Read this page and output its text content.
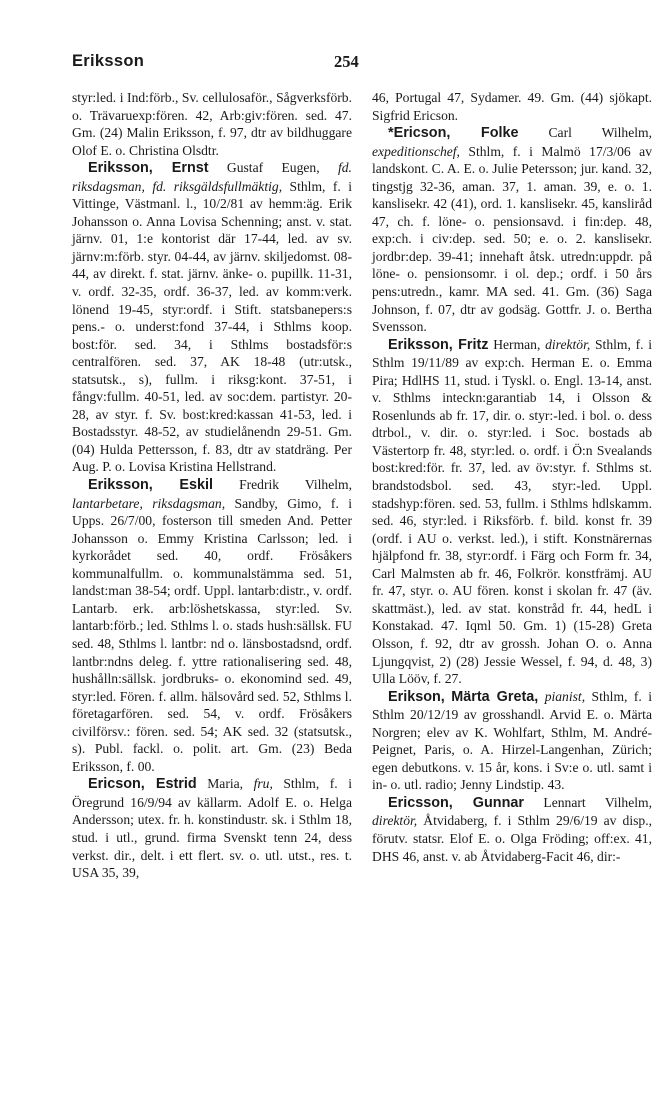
Eriksson	254

styr:led. i Ind:förb., Sv. cellulosaför., Sågverksförb. o. Trävaruexp:fören. 42, Arb:giv:fören. sed. 47. Gm. (24) Malin Eriksson, f. 97, dtr av bildhuggare Olof E. o. Christina Olsdtr.

Eriksson, Ernst Gustaf Eugen, fd. riksdagsman, fd. riksgäldsfullmäktig, Sthlm, f. i Vittinge, Västmanl. l., 10/2/81 av hemm:äg. Erik Johansson o. Anna Lovisa Schenning; anst. v. stat. järnv. 01, 1:e kontorist där 17-44, led. av sv. järnv:m:förb. styr. 04-44, av järnv. skiljedomst. 08-44, av direkt. f. stat. järnv. änke- o. pupillk. 11-31, v. ordf. 32-35, ordf. 36-37, led. av komm:verk. lönend 19-45, styr:ordf. i Stift. statsbanepers:s pens.- o. underst:fond 37-44, i Sthlms koop. bost:för. sed. 34, i Sthlms bostadsför:s centralfören. sed. 37, AK 18-48 (utr:utsk., statsutsk., s), fullm. i riksg:kont. 37-51, i fångv:fullm. 40-51, led. av soc:dem. partistyr. 20-28, av styr. f. Sv. bost:kred:kassan 41-53, led. i Bostadsstyr. 48-52, av studielånendn 29-51. Gm. (04) Hulda Pettersson, f. 83, dtr av statdräng. Per Aug. P. o. Lovisa Kristina Hellstrand.

Eriksson, Eskil Fredrik Vilhelm, lantarbetare, riksdagsman, Sandby, Gimo, f. i Upps. 26/7/00, fosterson till smeden And. Petter Johansson o. Emmy Kristina Carlsson; led. i kyrkorådet sed. 40, ordf. Frösåkers kommunalfullm. o. kommunalstämma sed. 51, landst:man 38-54; ordf. Uppl. lantarb:distr., v. ordf. Lantarb. erk. arb:löshetskassa, styr:led. Sv. lantarb:förb.; led. Sthlms l. o. stads hush:sällsk. FU sed. 48, Sthlms l. lantbr: nd o. länsbostadsnd, ordf. lantbr:ndns deleg. f. yttre rationalisering sed. 48, hushålln:sällsk. jordbruks- o. ekonomind sed. 49, styr:led. Fören. f. allm. hälsovård sed. 52, Sthlms l. företagarfören. sed. 54, v. ordf. Frösåkers civilförsv.: fören. sed. 54; AK sed. 32 (statsutsk., s). Publ. fackl. o. polit. art. Gm. (23) Beda Eriksson, f. 00.

Ericson, Estrid Maria, fru, Sthlm, f. i Öregrund 16/9/94 av källarm. Adolf E. o. Helga Andersson; utex. fr. h. konstindustr. sk. i Sthlm 18, stud. i utl., grund. firma Svenskt tenn 24, dess verkst. dir., delt. i ett flert. sv. o. utl. utst., res. t. USA 35, 39,

46, Portugal 47, Sydamer. 49. Gm. (44) sjökapt. Sigfrid Ericson.

*Ericson, Folke Carl Wilhelm, expeditionschef, Sthlm, f. i Malmö 17/3/06 av landskont. C. A. E. o. Julie Petersson; jur. kand. 32, tingstjg 32-36, aman. 37, 1. aman. 39, e. o. 1. kanslisekr. 42 (41), ord. 1. kanslisekr. 45, kansliråd 47, ch. f. löne- o. pensionsavd. i fin:dep. 48, exp:ch. i civ:dep. sed. 50; e. o. 2. kanslisekr. jordbr:dep. 39-41; innehaft åtsk. utredn:uppdr. på löne- o. pensionsomr. i ol. dep.; ordf. i 50 års pens:utredn., kamr. MA sed. 41. Gm. (36) Saga Johnson, f. 07, dtr av godsäg. Gottfr. J. o. Bertha Svensson.

Eriksson, Fritz Herman, direktör, Sthlm, f. i Sthlm 19/11/89 av exp:ch. Herman E. o. Emma Pira; HdlHS 11, stud. i Tyskl. o. Engl. 13-14, anst. v. Sthlms inteckn:garantiab 14, i Olsson & Rosenlunds ab fr. 17, dir. o. styr:-led. i bol. o. dess dtrbol., v. dir. o. styr:led. i Soc. bostads ab Västertorp fr. 48, styr:led. o. ordf. i Ö:n Svealands bost:kred:för. fr. 37, led. av öv:styr. f. Sthlms st. brandstodsbol. sed. 43, styr:-led. Uppl. stadshyp:fören. sed. 53, fullm. i Sthlms hdlskamm. sed. 46, styr:led. i Riksförb. f. bild. konst fr. 39 (ordf. i AU o. verkst. led.), i stift. Konstnärernas hjälpfond fr. 38, styr:ordf. i Färg och Form fr. 34, Carl Malmsten ab fr. 46, Folkrör. konstfrämj. AU fr. 47, styr. o. AU fören. konst i skolan fr. 47 (äv. skattmäst.), led. av stat. konstråd fr. 44, hedL i Konstakad. 47. Iqml 50. Gm. 1) (15-28) Greta Olsson, f. 92, dtr av grossh. Johan O. o. Anna Ljungqvist, 2) (28) Jessie Wessel, f. 94, d. 48, 3) Ulla Lööv, f. 27.

Erikson, Märta Greta, pianist, Sthlm, f. i Sthlm 20/12/19 av grosshandl. Arvid E. o. Märta Norgren; elev av K. Wohlfart, Sthlm, M. André-Peignet, Paris, o. A. Hirzel-Langenhan, Zürich; egen debutkons. v. 15 år, kons. i Sv:e o. utl. samt i in- o. utl. radio; Jenny Lindstip. 43.

Ericsson, Gunnar Lennart Vilhelm, direktör, Åtvidaberg, f. i Sthlm 29/6/19 av disp., förutv. statsr. Elof E. o. Olga Fröding; off:ex. 41, DHS 46, anst. v. ab Åtvidaberg-Facit 46, dir:-
